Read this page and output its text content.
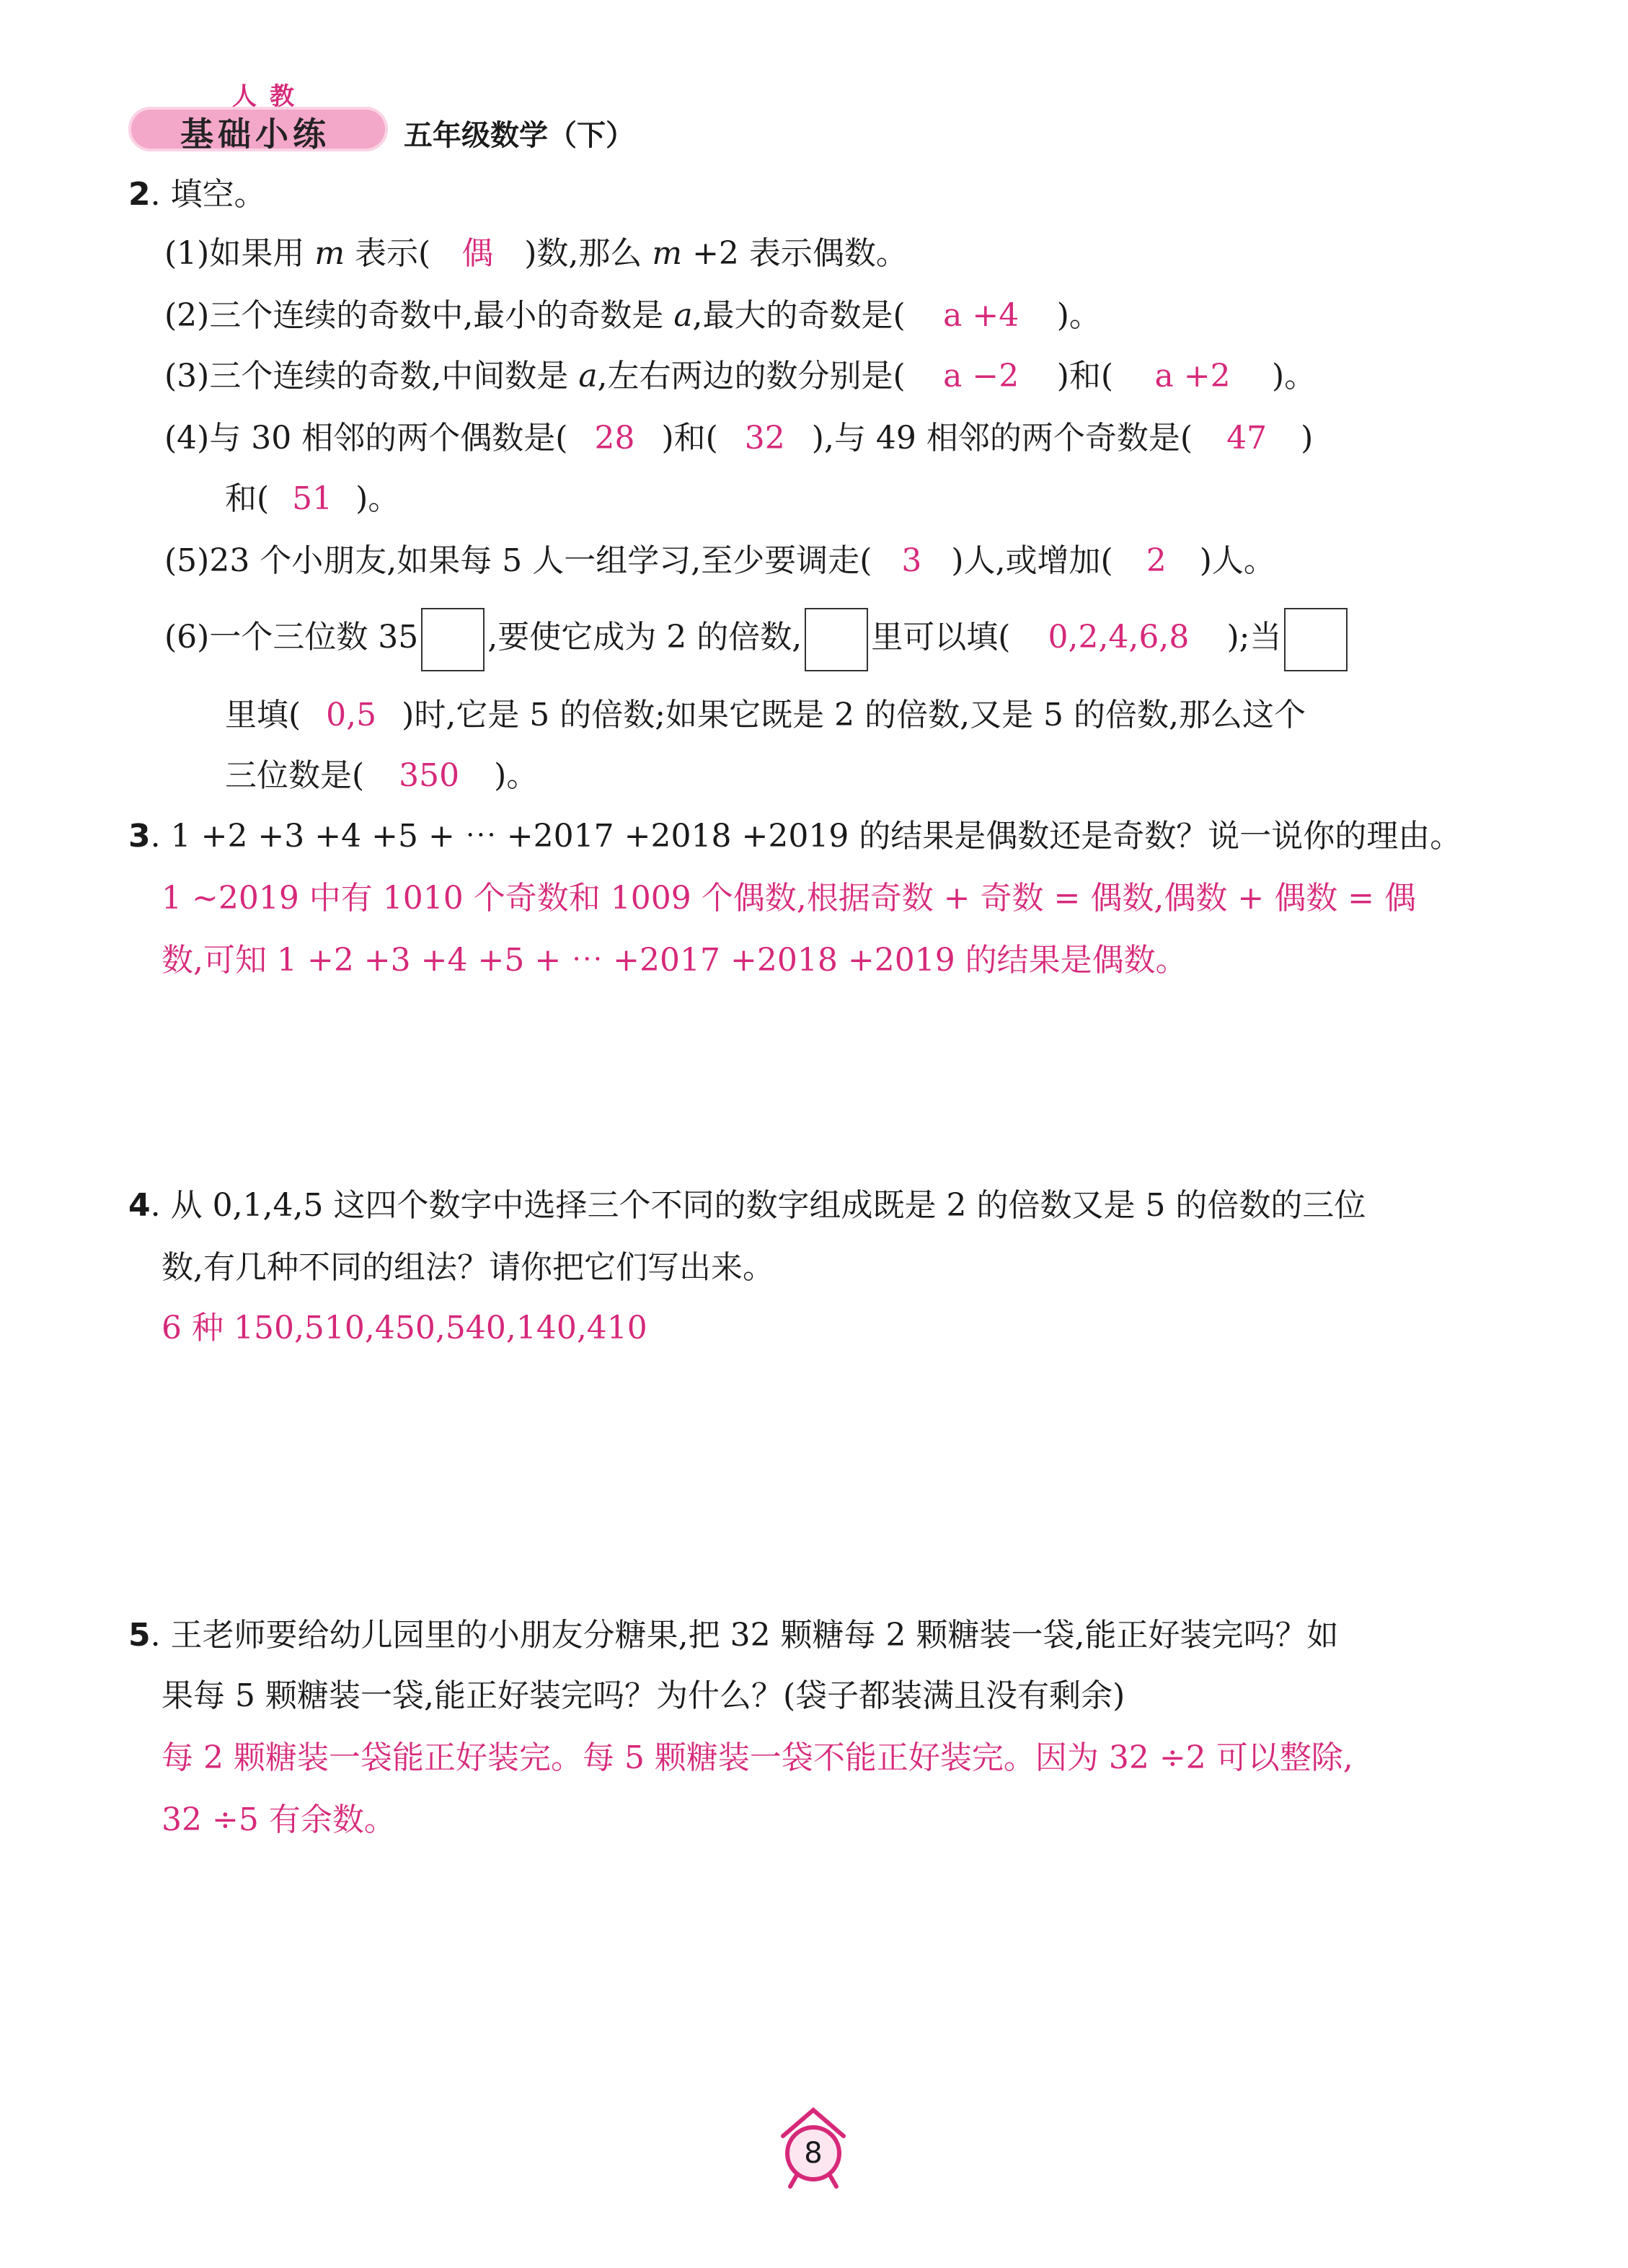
人教
基础小练	五年级数学（下）
2. 填空。
(1)如果用 m 表示( 偶 )数,那么 m +2 表示偶数。
(2)三个连续的奇数中,最小的奇数是 a,最大的奇数是( a +4 )。
(3)三个连续的奇数,中间数是 a,左右两边的数分别是( a −2 )和( a +2 )。
(4)与 30 相邻的两个偶数是( 28 )和( 32 ),与 49 相邻的两个奇数是( 47 )
和( 51 )。
(5)23 个小朋友,如果每 5 人一组学习,至少要调走( 3 )人,或增加( 2 )人。
(6)一个三位数 35 ,要使它成为 2 的倍数, 里可以填( 0,2,4,6,8 );当
里填( 0,5 )时,它是 5 的倍数;如果它既是 2 的倍数,又是 5 的倍数,那么这个
三位数是( 350 )。
3. 1 +2 +3 +4 +5 + ⋯ +2017 +2018 +2019 的结果是偶数还是奇数？说一说你的理由。
1 ~2019 中有 1010 个奇数和 1009 个偶数,根据奇数 + 奇数 = 偶数,偶数 + 偶数 = 偶
数,可知 1 +2 +3 +4 +5 + ⋯ +2017 +2018 +2019 的结果是偶数。
4. 从 0,1,4,5 这四个数字中选择三个不同的数字组成既是 2 的倍数又是 5 的倍数的三位
数,有几种不同的组法？请你把它们写出来。
6 种 150,510,450,540,140,410
5. 王老师要给幼儿园里的小朋友分糖果,把 32 颗糖每 2 颗糖装一袋,能正好装完吗？如
果每 5 颗糖装一袋,能正好装完吗？为什么？(袋子都装满且没有剩余)
每 2 颗糖装一袋能正好装完。每 5 颗糖装一袋不能正好装完。因为 32 ÷2 可以整除,
32 ÷5 有余数。
8
